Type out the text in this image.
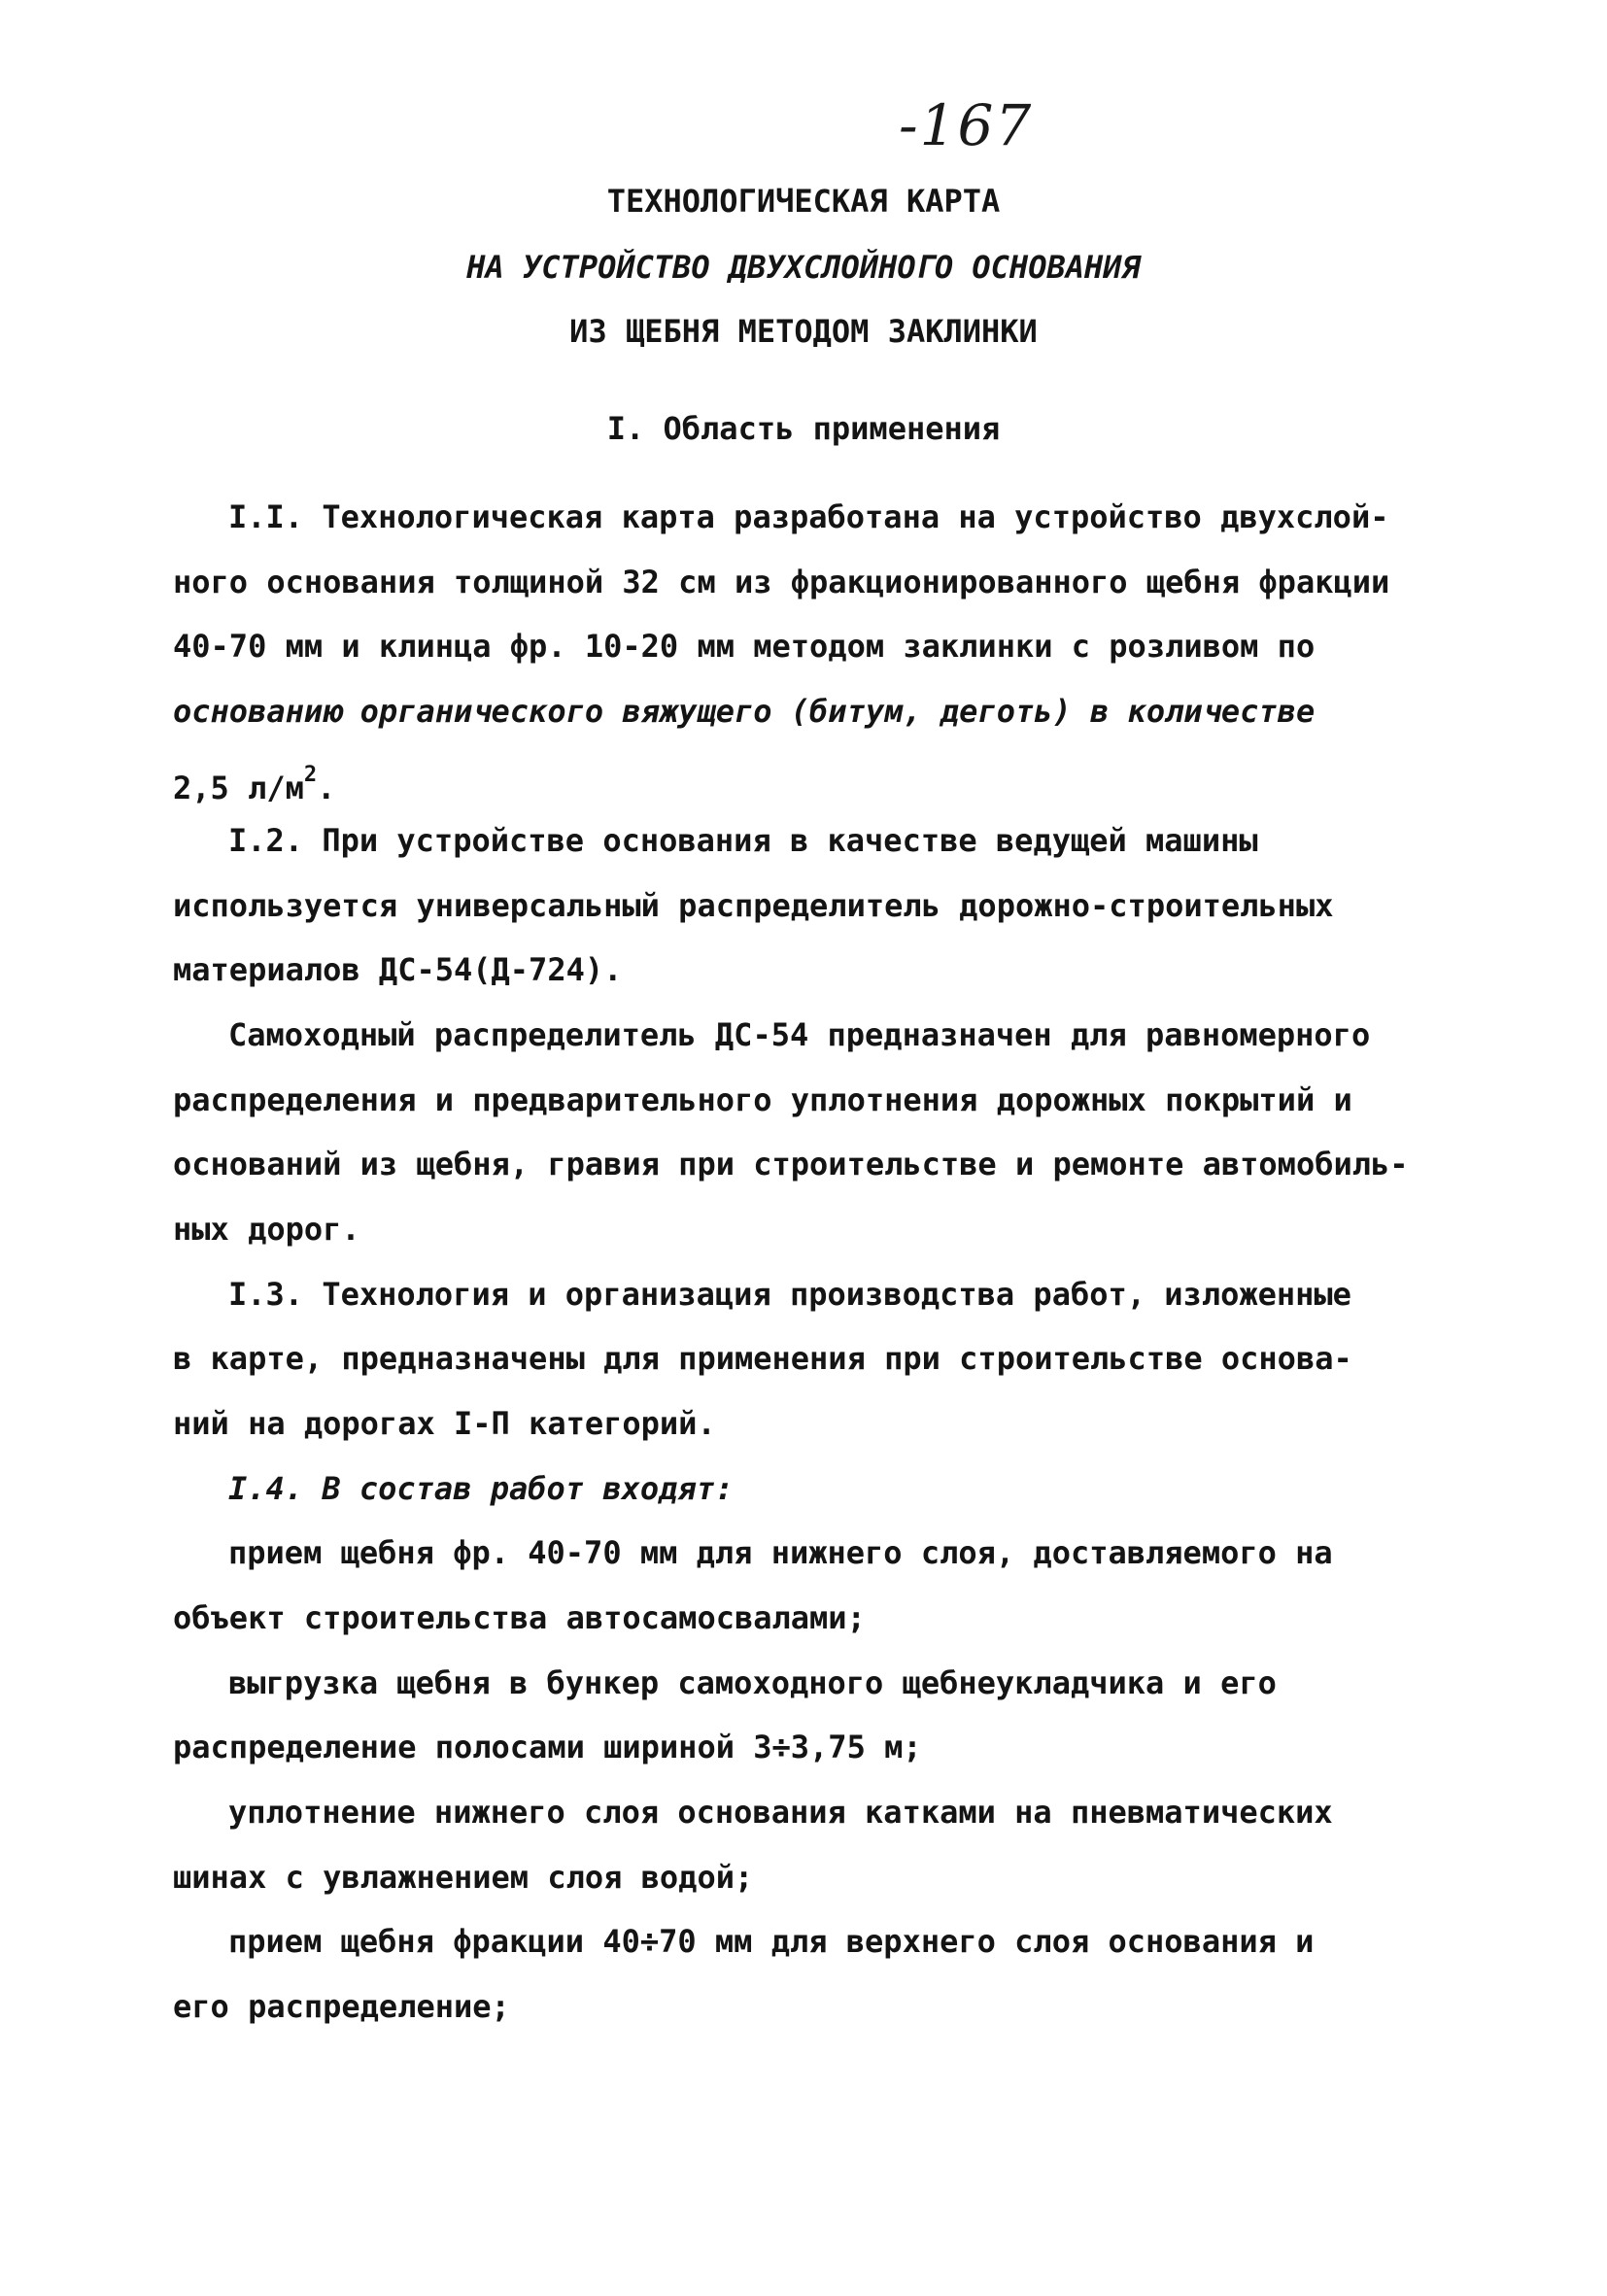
-167
ТЕХНОЛОГИЧЕСКАЯ КАРТА
НА УСТРОЙСТВО ДВУХСЛОЙНОГО ОСНОВАНИЯ
ИЗ ЩЕБНЯ МЕТОДОМ ЗАКЛИНКИ
I. Область применения
I.I. Технологическая карта разработана на устройство двухслой-
ного основания толщиной 32 см из фракционированного щебня фракции
40-70 мм и клинца фр. 10-20 мм методом заклинки с розливом по
основанию органического вяжущего (битум, деготь) в количестве
2,5 $л/м^2$.
I.2. При устройстве основания в качестве ведущей машины
используется универсальный распределитель дорожно-строительных
материалов ДС-54(Д-724).
Самоходный распределитель ДС-54 предназначен для равномерного
распределения и предварительного уплотнения дорожных покрытий и
оснований из щебня, гравия при строительстве и ремонте автомобиль-
ных дорог.
I.3. Технология и организация производства работ, изложенные
в карте, предназначены для применения при строительстве основа-
ний на дорогах I-П категорий.
I.4. В состав работ входят:
прием щебня фр. 40-70 мм для нижнего слоя, доставляемого на
объект строительства автосамосвалами;
выгрузка щебня в бункер самоходного щебнеукладчика и его
распределение полосами шириной 3÷3,75 м;
уплотнение нижнего слоя основания катками на пневматических
шинах с увлажнением слоя водой;
прием щебня фракции 40÷70 мм для верхнего слоя основания и
его распределение;
